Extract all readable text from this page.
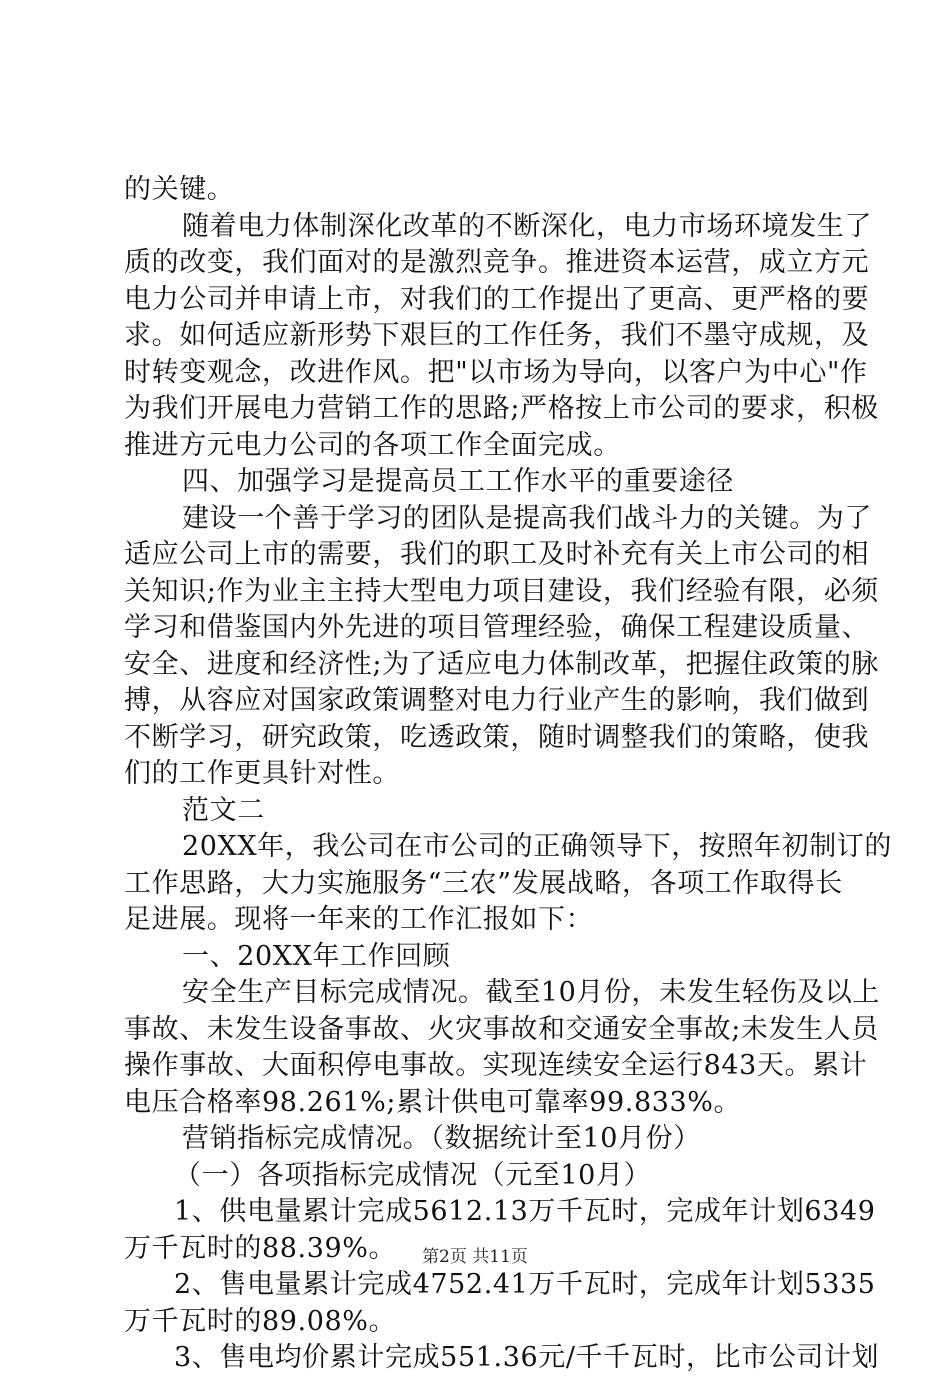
的关键。
随着电力体制深化改革的不断深化，电力市场环境发生了
质的改变，我们面对的是激烈竞争。推进资本运营，成立方元
电力公司并申请上市，对我们的工作提出了更高、更严格的要
求。如何适应新形势下艰巨的工作任务，我们不墨守成规，及
时转变观念，改进作风。把"以市场为导向，以客户为中心"作
为我们开展电力营销工作的思路;严格按上市公司的要求，积极
推进方元电力公司的各项工作全面完成。
四、加强学习是提高员工工作水平的重要途径
建设一个善于学习的团队是提高我们战斗力的关键。为了
适应公司上市的需要，我们的职工及时补充有关上市公司的相
关知识;作为业主主持大型电力项目建设，我们经验有限，必须
学习和借鉴国内外先进的项目管理经验，确保工程建设质量、
安全、进度和经济性;为了适应电力体制改革，把握住政策的脉
搏，从容应对国家政策调整对电力行业产生的影响，我们做到
不断学习，研究政策，吃透政策，随时调整我们的策略，使我
们的工作更具针对性。
范文二
20XX年，我公司在市公司的正确领导下，按照年初制订的
工作思路，大力实施服务“三农”发展战略，各项工作取得长
足进展。现将一年来的工作汇报如下：
一、20XX年工作回顾
安全生产目标完成情况。截至10月份，未发生轻伤及以上
事故、未发生设备事故、火灾事故和交通安全事故;未发生人员
操作事故、大面积停电事故。实现连续安全运行843天。累计
电压合格率98.261%;累计供电可靠率99.833%。
营销指标完成情况。（数据统计至10月份）
（一）各项指标完成情况（元至10月）
1、供电量累计完成5612.13万千瓦时，完成年计划6349
万千瓦时的88.39%。
2、售电量累计完成4752.41万千瓦时，完成年计划5335
万千瓦时的89.08%。
3、售电均价累计完成551.36元/千千瓦时，比市公司计划
第2页 共11页
